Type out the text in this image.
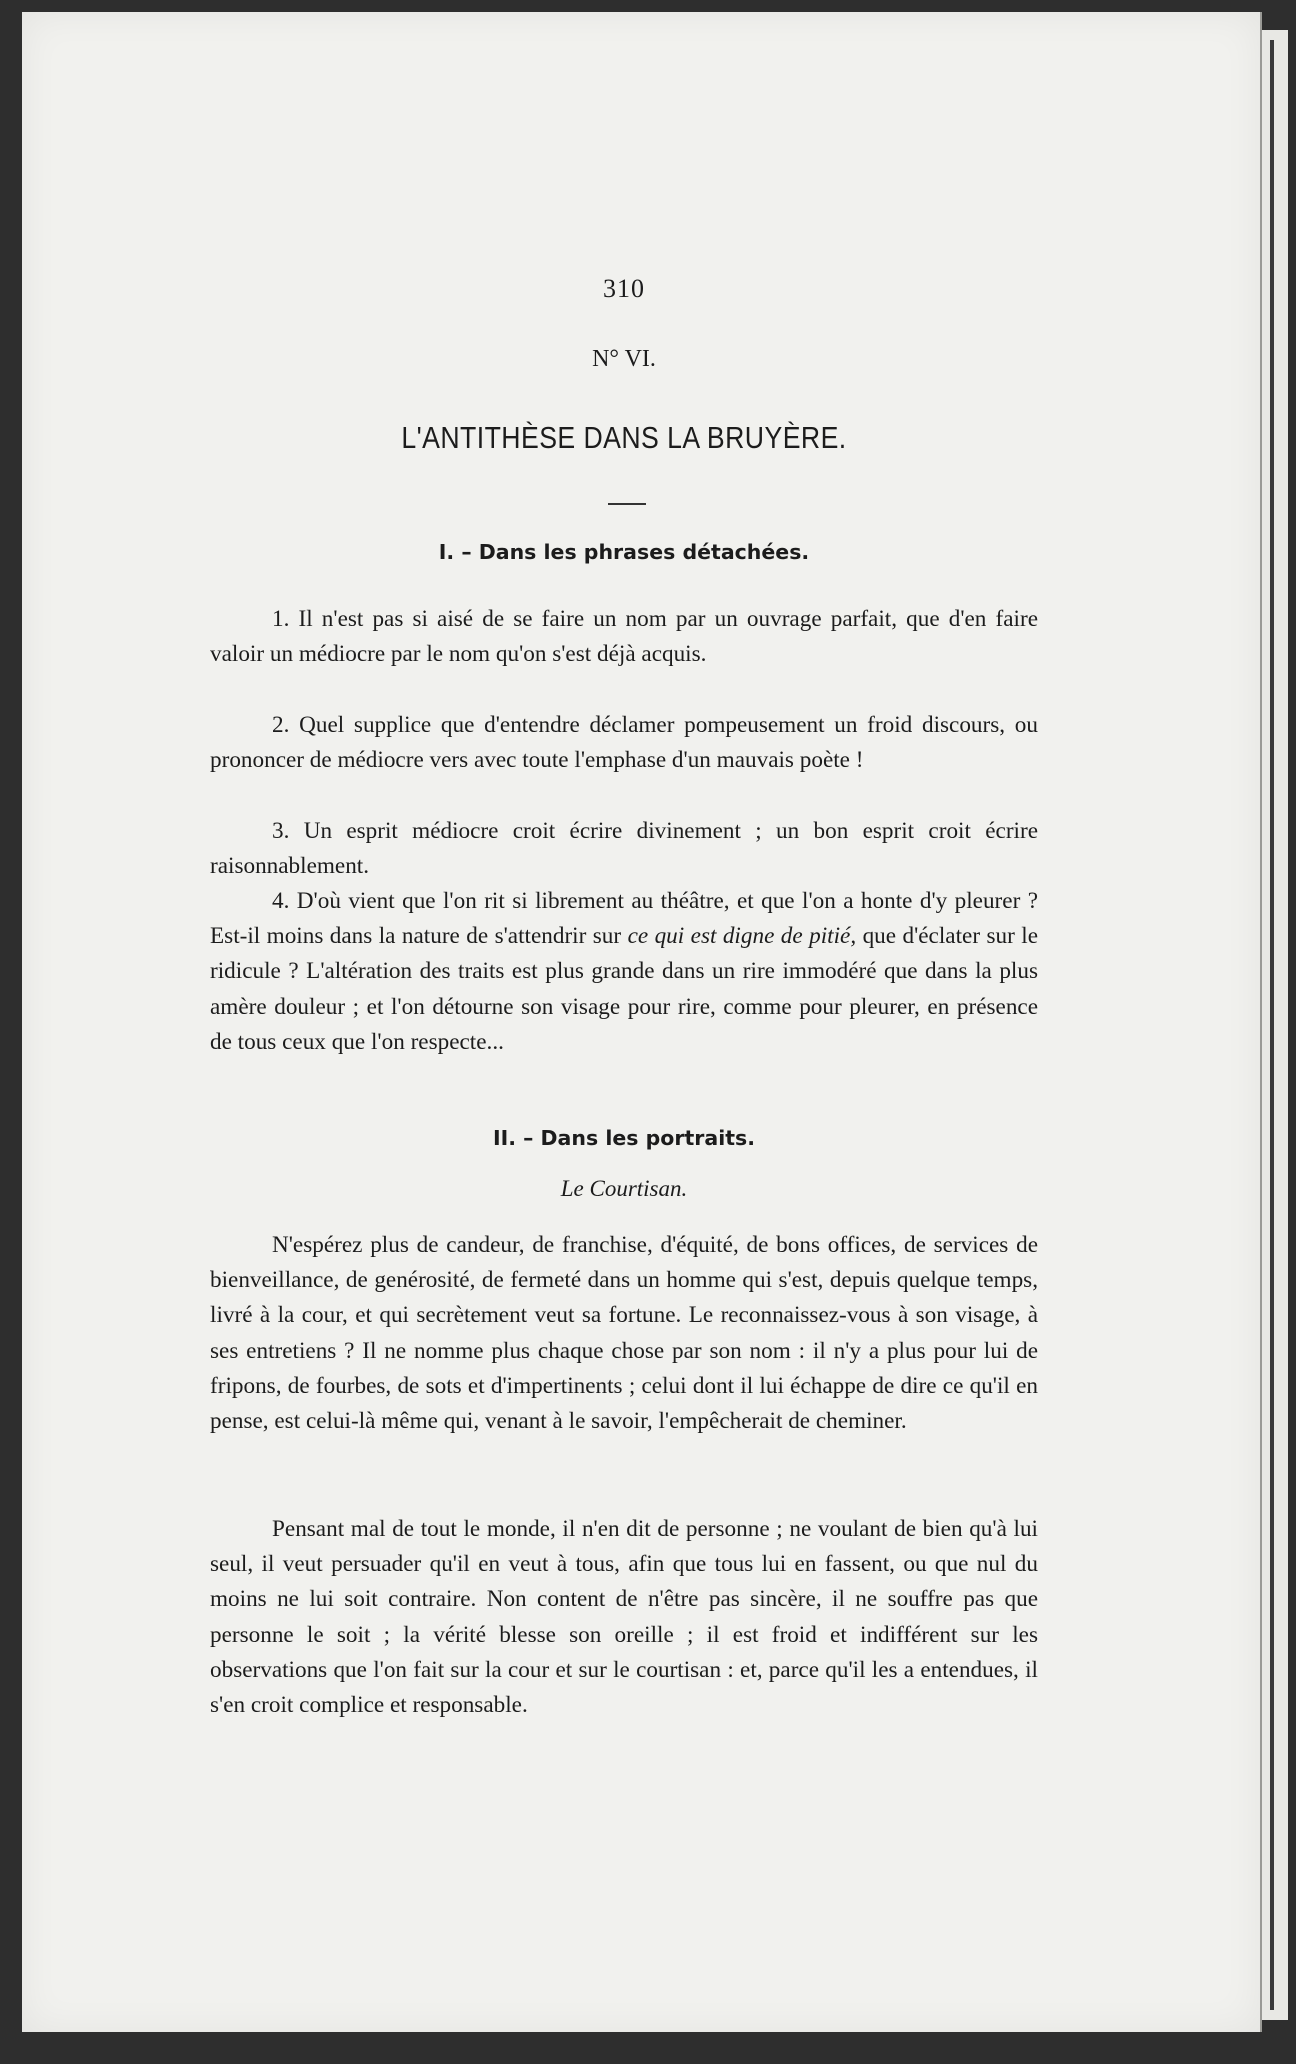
310
N° VI.
L'ANTITHÈSE DANS LA BRUYÈRE.
I. – Dans les phrases détachées.

1. Il n'est pas si aisé de se faire un nom par un ouvrage parfait, que d'en faire valoir un médiocre par le nom qu'on s'est déjà acquis.

2. Quel supplice que d'entendre déclamer pompeusement un froid discours, ou prononcer de médiocre vers avec toute l'emphase d'un mauvais poète !

3. Un esprit médiocre croit écrire divinement ; un bon esprit croit écrire raisonnablement.

4. D'où vient que l'on rit si librement au théâtre, et que l'on a honte d'y pleurer ? Est-il moins dans la nature de s'attendrir sur ce qui est digne de pitié, que d'éclater sur le ridicule ? L'altération des traits est plus grande dans un rire immodéré que dans la plus amère douleur ; et l'on détourne son visage pour rire, comme pour pleurer, en présence de tous ceux que l'on respecte...

II. – Dans les portraits.
Le Courtisan.

N'espérez plus de candeur, de franchise, d'équité, de bons offices, de services de bienveillance, de genérosité, de fermeté dans un homme qui s'est, depuis quelque temps, livré à la cour, et qui secrètement veut sa fortune. Le reconnaissez-vous à son visage, à ses entretiens ? Il ne nomme plus chaque chose par son nom : il n'y a plus pour lui de fripons, de fourbes, de sots et d'impertinents ; celui dont il lui échappe de dire ce qu'il en pense, est celui-là même qui, venant à le savoir, l'empêcherait de cheminer.

Pensant mal de tout le monde, il n'en dit de personne ; ne voulant de bien qu'à lui seul, il veut persuader qu'il en veut à tous, afin que tous lui en fassent, ou que nul du moins ne lui soit contraire. Non content de n'être pas sincère, il ne souffre pas que personne le soit ; la vérité blesse son oreille ; il est froid et indifférent sur les observations que l'on fait sur la cour et sur le courtisan : et, parce qu'il les a entendues, il s'en croit complice et responsable.
